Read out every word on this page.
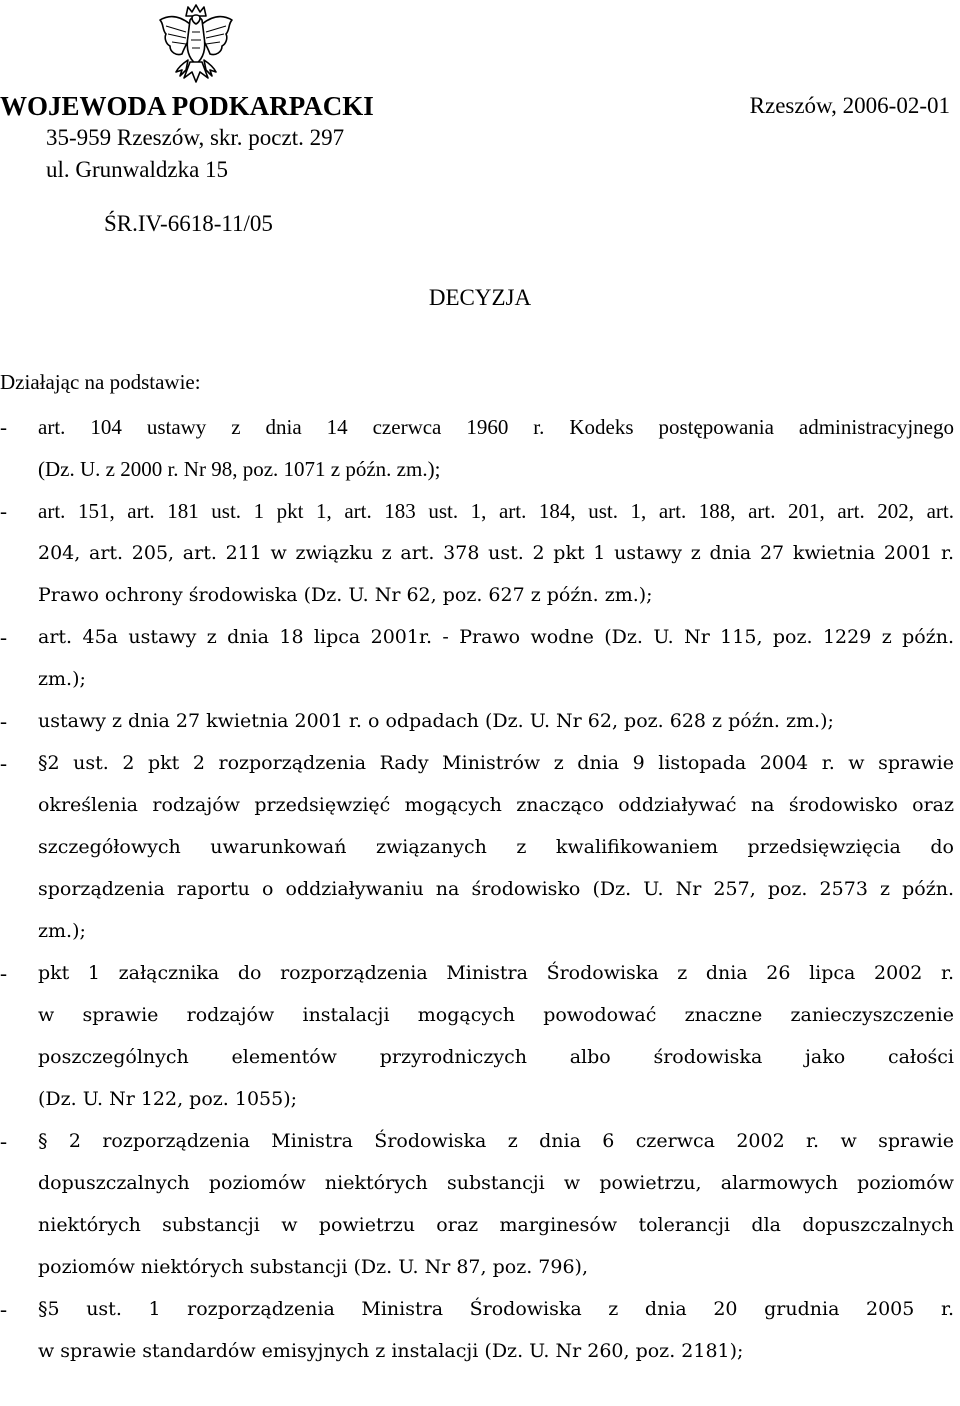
WOJEWODA PODKARPACKI	Rzeszów, 2006-02-01
35-959 Rzeszów, skr. poczt. 297
ul. Grunwaldzka 15
ŚR.IV-6618-11/05
DECYZJA
Działając na podstawie:
- art. 104 ustawy z dnia 14 czerwca 1960 r. Kodeks postępowania administracyjnego
(Dz. U. z 2000 r. Nr 98, poz. 1071 z późn. zm.);
- art. 151, art. 181 ust. 1 pkt 1, art. 183 ust. 1, art. 184, ust. 1, art. 188, art. 201, art. 202, art.
204, art. 205, art. 211 w związku z art. 378 ust. 2 pkt 1 ustawy z dnia 27 kwietnia 2001 r.
Prawo ochrony środowiska (Dz. U. Nr 62, poz. 627 z późn. zm.);
- art. 45a ustawy z dnia 18 lipca 2001r. - Prawo wodne (Dz. U. Nr 115, poz. 1229 z późn.
zm.);
- ustawy z dnia 27 kwietnia 2001 r. o odpadach (Dz. U. Nr 62, poz. 628 z późn. zm.);
- §2 ust. 2 pkt 2 rozporządzenia Rady Ministrów z dnia 9 listopada 2004 r. w sprawie
określenia rodzajów przedsięwzięć mogących znacząco oddziaływać na środowisko oraz
szczegółowych uwarunkowań związanych z kwalifikowaniem przedsięwzięcia do
sporządzenia raportu o oddziaływaniu na środowisko (Dz. U. Nr 257, poz. 2573 z późn.
zm.);
- pkt 1 załącznika do rozporządzenia Ministra Środowiska z dnia 26 lipca 2002 r.
w sprawie rodzajów instalacji mogących powodować znaczne zanieczyszczenie
poszczególnych elementów przyrodniczych albo środowiska jako całości
(Dz. U. Nr 122, poz. 1055);
- § 2 rozporządzenia Ministra Środowiska z dnia 6 czerwca 2002 r. w sprawie
dopuszczalnych poziomów niektórych substancji w powietrzu, alarmowych poziomów
niektórych substancji w powietrzu oraz marginesów tolerancji dla dopuszczalnych
poziomów niektórych substancji (Dz. U. Nr 87, poz. 796),
- §5 ust. 1 rozporządzenia Ministra Środowiska z dnia 20 grudnia 2005 r.
w sprawie standardów emisyjnych z instalacji (Dz. U. Nr 260, poz. 2181);
